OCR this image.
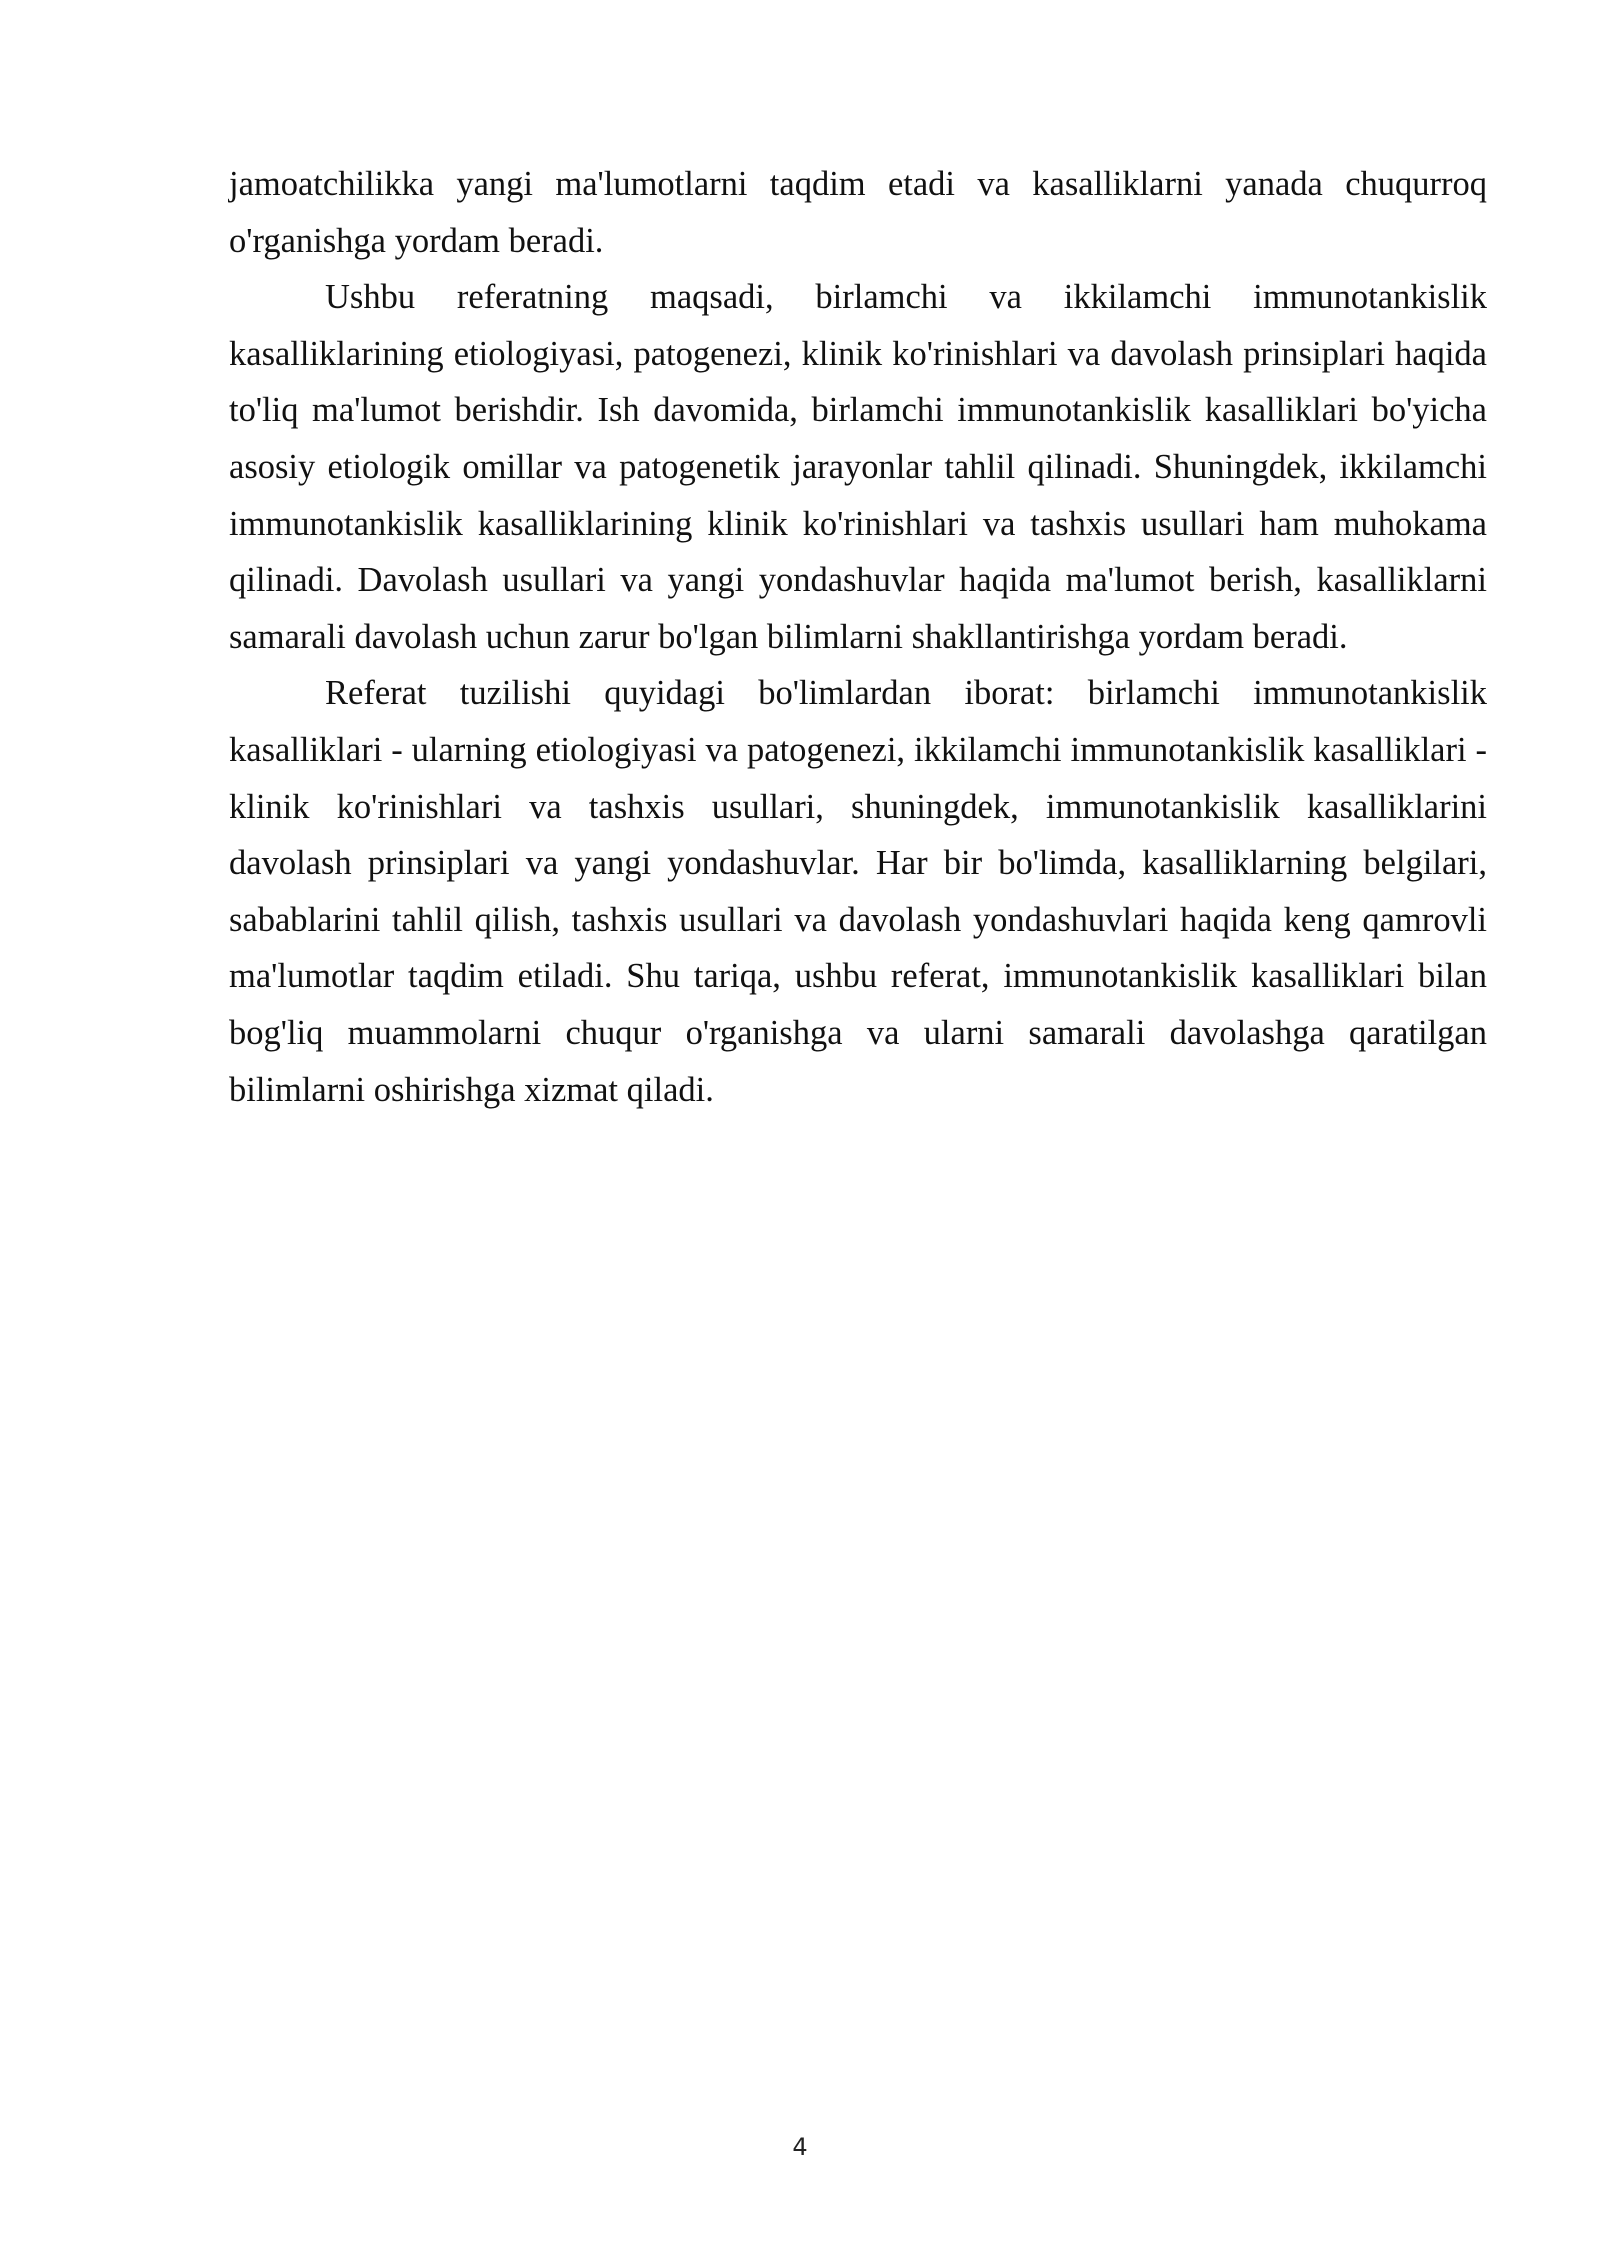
jamoatchilikka yangi ma'lumotlarni taqdim etadi va kasalliklarni yanada chuqurroq o'rganishga yordam beradi.

Ushbu referatning maqsadi, birlamchi va ikkilamchi immunotankislik kasalliklarining etiologiyasi, patogenezi, klinik ko'rinishlari va davolash prinsiplari haqida to'liq ma'lumot berishdir. Ish davomida, birlamchi immunotankislik kasalliklari bo'yicha asosiy etiologik omillar va patogenetik jarayonlar tahlil qilinadi. Shuningdek, ikkilamchi immunotankislik kasalliklarining klinik ko'rinishlari va tashxis usullari ham muhokama qilinadi. Davolash usullari va yangi yondashuvlar haqida ma'lumot berish, kasalliklarni samarali davolash uchun zarur bo'lgan bilimlarni shakllantirishga yordam beradi.

Referat tuzilishi quyidagi bo'limlardan iborat: birlamchi immunotankislik kasalliklari - ularning etiologiyasi va patogenezi, ikkilamchi immunotankislik kasalliklari - klinik ko'rinishlari va tashxis usullari, shuningdek, immunotankislik kasalliklarini davolash prinsiplari va yangi yondashuvlar. Har bir bo'limda, kasalliklarning belgilari, sabablarini tahlil qilish, tashxis usullari va davolash yondashuvlari haqida keng qamrovli ma'lumotlar taqdim etiladi. Shu tariqa, ushbu referat, immunotankislik kasalliklari bilan bog'liq muammolarni chuqur o'rganishga va ularni samarali davolashga qaratilgan bilimlarni oshirishga xizmat qiladi.

4
